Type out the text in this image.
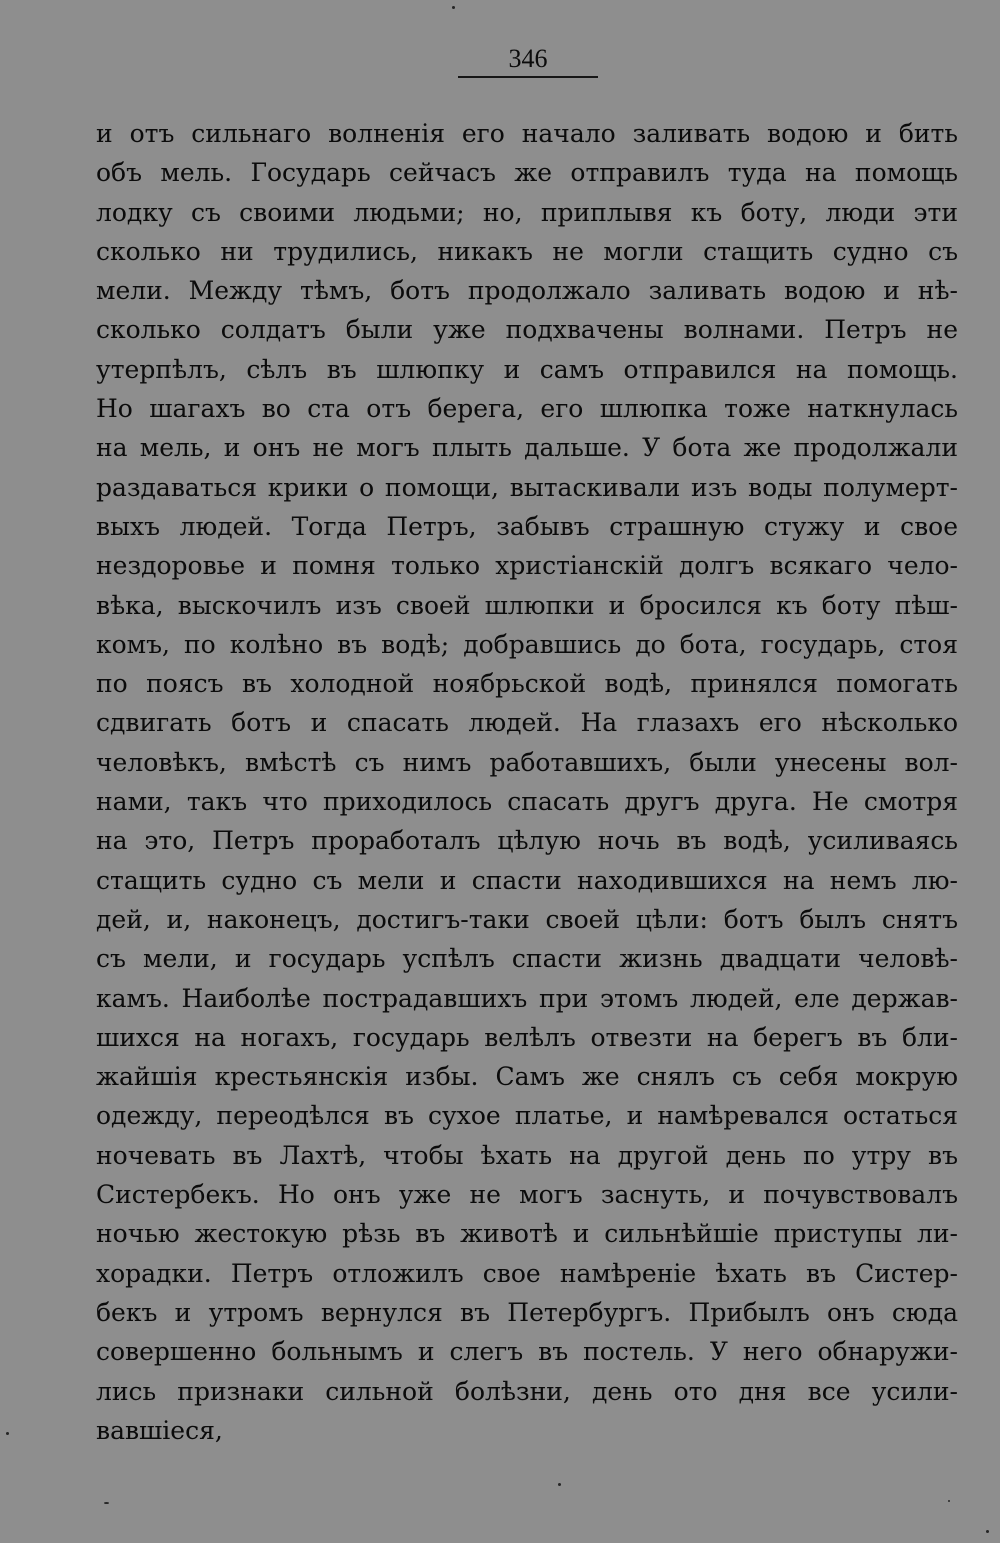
346
и отъ сильнаго волненія его начало заливать водою и бить
объ мель. Государь сейчасъ же отправилъ туда на помощь
лодку съ своими людьми; но, приплывя къ боту, люди эти
сколько ни трудились, никакъ не могли стащить судно съ
мели. Между тѣмъ, ботъ продолжало заливать водою и нѣ-
сколько солдатъ были уже подхвачены волнами. Петръ не
утерпѣлъ, сѣлъ въ шлюпку и самъ отправился на помощь.
Но шагахъ во ста отъ берега, его шлюпка тоже наткнулась
на мель, и онъ не могъ плыть дальше. У бота же продолжали
раздаваться крики о помощи, вытаскивали изъ воды полумерт-
выхъ людей. Тогда Петръ, забывъ страшную стужу и свое
нездоровье и помня только христіанскій долгъ всякаго чело-
вѣка, выскочилъ изъ своей шлюпки и бросился къ боту пѣш-
комъ, по колѣно въ водѣ; добравшись до бота, государь, стоя
по поясъ въ холодной ноябрьской водѣ, принялся помогать
сдвигать ботъ и спасать людей. На глазахъ его нѣсколько
человѣкъ, вмѣстѣ съ нимъ работавшихъ, были унесены вол-
нами, такъ что приходилось спасать другъ друга. Не смотря
на это, Петръ проработалъ цѣлую ночь въ водѣ, усиливаясь
стащить судно съ мели и спасти находившихся на немъ лю-
дей, и, наконецъ, достигъ-таки своей цѣли: ботъ былъ снятъ
съ мели, и государь успѣлъ спасти жизнь двадцати человѣ-
камъ. Наиболѣе пострадавшихъ при этомъ людей, еле держав-
шихся на ногахъ, государь велѣлъ отвезти на берегъ въ бли-
жайшія крестьянскія избы. Самъ же снялъ съ себя мокрую
одежду, переодѣлся въ сухое платье, и намѣревался остаться
ночевать въ Лахтѣ, чтобы ѣхать на другой день по утру въ
Систербекъ. Но онъ уже не могъ заснуть, и почувствовалъ
ночью жестокую рѣзь въ животѣ и сильнѣйшіе приступы ли-
хорадки. Петръ отложилъ свое намѣреніе ѣхать въ Систер-
бекъ и утромъ вернулся въ Петербургъ. Прибылъ онъ сюда
совершенно больнымъ и слегъ въ постель. У него обнаружи-
лись признаки сильной болѣзни, день ото дня все усили-
вавшіеся,
